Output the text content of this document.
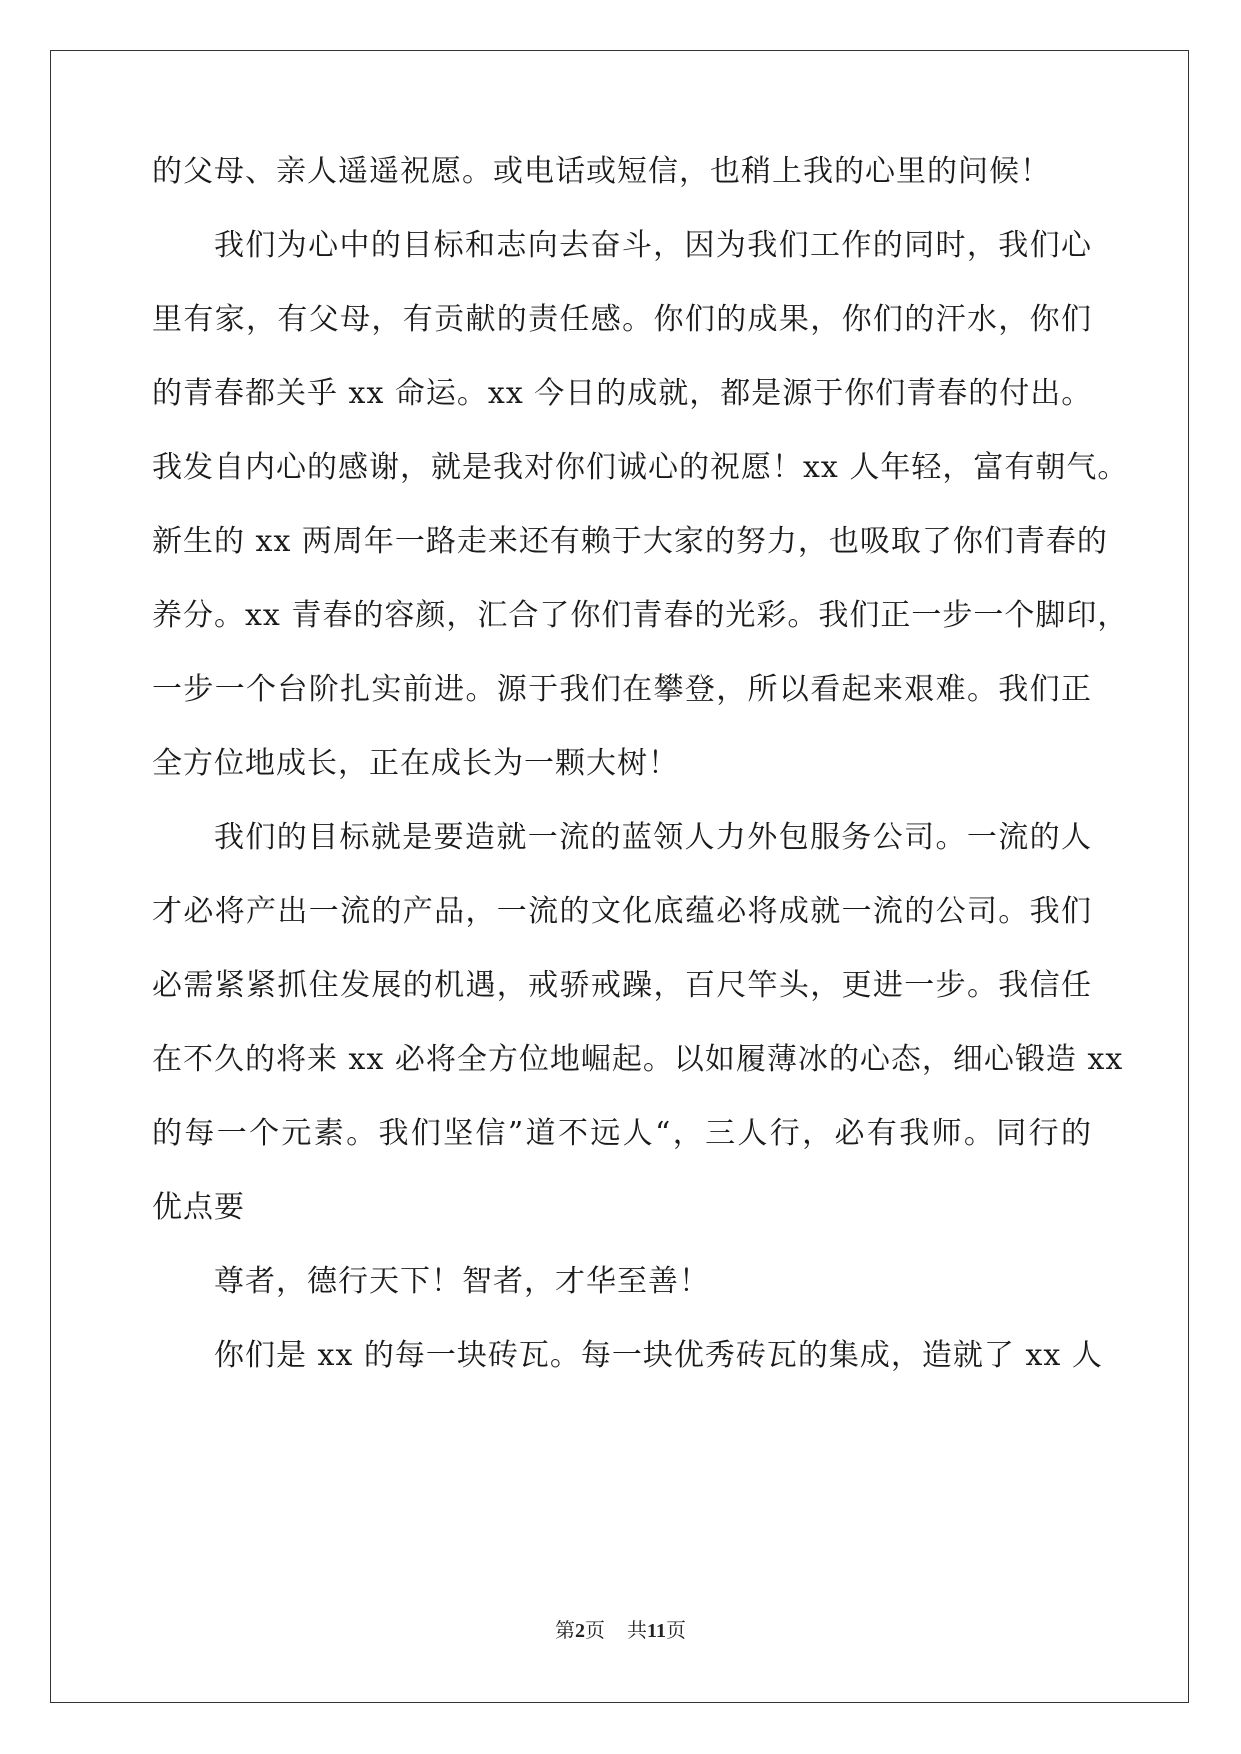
的父母、亲人遥遥祝愿。或电话或短信，也稍上我的心里的问候！
我们为心中的目标和志向去奋斗，因为我们工作的同时，我们心
里有家，有父母，有贡献的责任感。你们的成果，你们的汗水，你们
的青春都关乎 xx 命运。xx 今日的成就，都是源于你们青春的付出。
我发自内心的感谢，就是我对你们诚心的祝愿！xx 人年轻，富有朝气。
新生的 xx 两周年一路走来还有赖于大家的努力，也吸取了你们青春的
养分。xx 青春的容颜，汇合了你们青春的光彩。我们正一步一个脚印，
一步一个台阶扎实前进。源于我们在攀登，所以看起来艰难。我们正
全方位地成长，正在成长为一颗大树！
我们的目标就是要造就一流的蓝领人力外包服务公司。一流的人
才必将产出一流的产品，一流的文化底蕴必将成就一流的公司。我们
必需紧紧抓住发展的机遇，戒骄戒躁，百尺竿头，更进一步。我信任
在不久的将来 xx 必将全方位地崛起。以如履薄冰的心态，细心锻造 xx
的每一个元素。我们坚信”道不远人“，三人行，必有我师。同行的
优点要
尊者，德行天下！智者，才华至善！
你们是 xx 的每一块砖瓦。每一块优秀砖瓦的集成，造就了 xx 人
第2页 共11页
